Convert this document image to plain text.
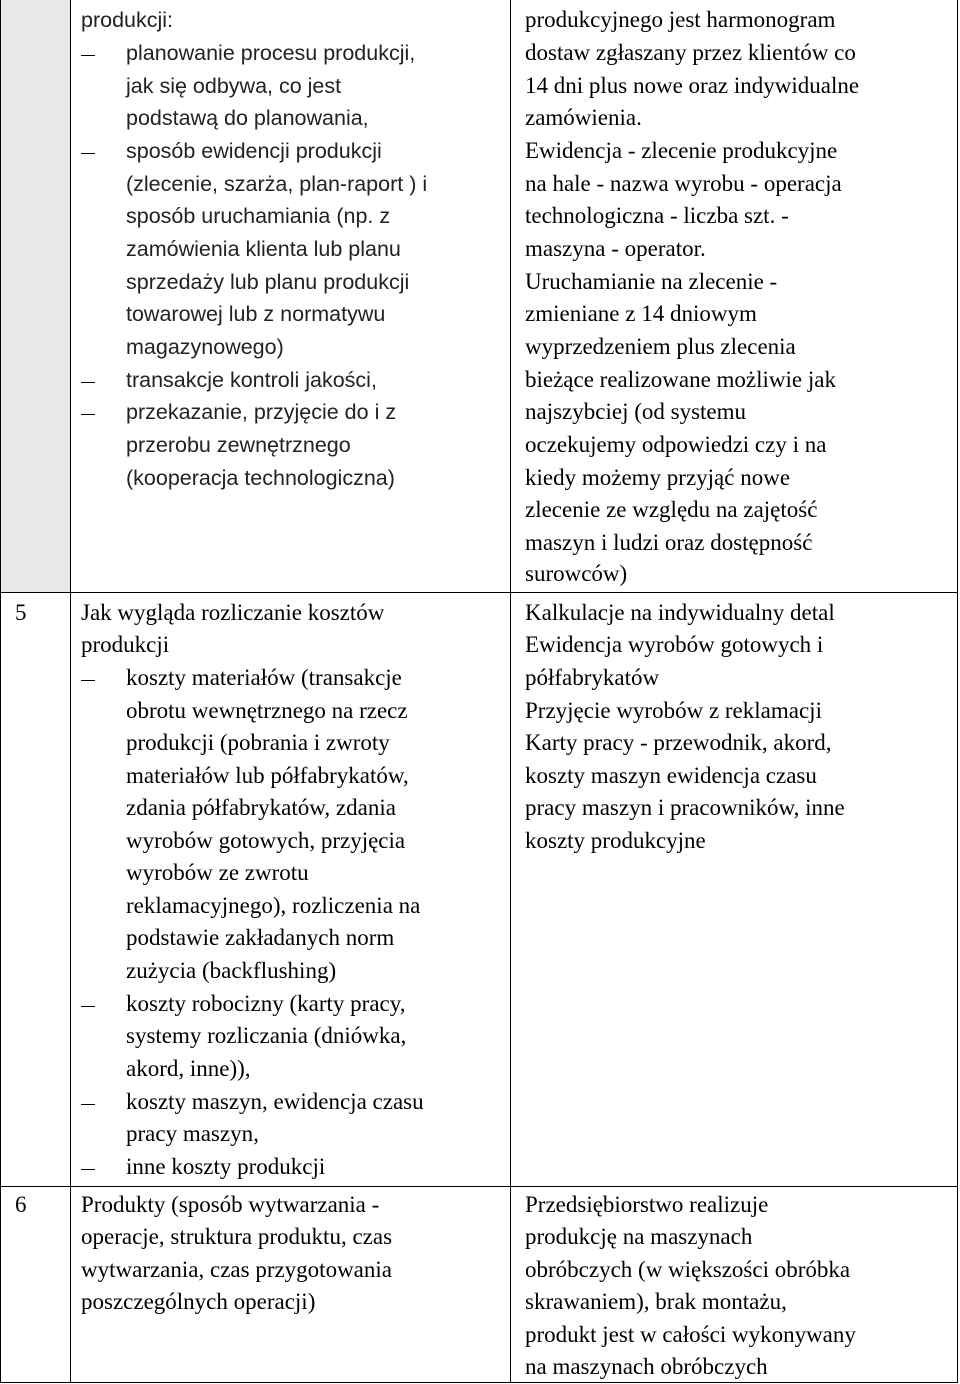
produkcji:
planowanie procesu produkcji,
jak się odbywa, co jest
podstawą do planowania,
sposób ewidencji produkcji
(zlecenie, szarża, plan-raport ) i
sposób uruchamiania (np. z
zamówienia klienta lub planu
sprzedaży lub planu produkcji
towarowej lub z normatywu
magazynowego)
transakcje kontroli jakości,
przekazanie, przyjęcie do i z
przerobu zewnętrznego
(kooperacja technologiczna)
produkcyjnego jest harmonogram
dostaw zgłaszany przez klientów co
14 dni plus nowe oraz indywidualne
zamówienia.
Ewidencja - zlecenie produkcyjne
na hale - nazwa wyrobu - operacja
technologiczna - liczba szt. -
maszyna - operator.
Uruchamianie na zlecenie -
zmieniane z 14 dniowym
wyprzedzeniem plus zlecenia
bieżące realizowane możliwie jak
najszybciej (od systemu
oczekujemy odpowiedzi czy i na
kiedy możemy przyjąć nowe
zlecenie ze względu na zajętość
maszyn i ludzi oraz dostępność
surowców)
5 Jak wygląda rozliczanie kosztów
produkcji
koszty materiałów (transakcje
obrotu wewnętrznego na rzecz
produkcji (pobrania i zwroty
materiałów lub półfabrykatów,
zdania półfabrykatów, zdania
wyrobów gotowych, przyjęcia
wyrobów ze zwrotu
reklamacyjnego), rozliczenia na
podstawie zakładanych norm
zużycia (backflushing)
koszty robocizny (karty pracy,
systemy rozliczania (dniówka,
akord, inne)),
koszty maszyn, ewidencja czasu
pracy maszyn,
inne koszty produkcji
Kalkulacje na indywidualny detal
Ewidencja wyrobów gotowych i
półfabrykatów
Przyjęcie wyrobów z reklamacji
Karty pracy - przewodnik, akord,
koszty maszyn ewidencja czasu
pracy maszyn i pracowników, inne
koszty produkcyjne
6 Produkty (sposób wytwarzania -
operacje, struktura produktu, czas
wytwarzania, czas przygotowania
poszczególnych operacji)
Przedsiębiorstwo realizuje
produkcję na maszynach
obróbczych (w większości obróbka
skrawaniem), brak montażu,
produkt jest w całości wykonywany
na maszynach obróbczych
